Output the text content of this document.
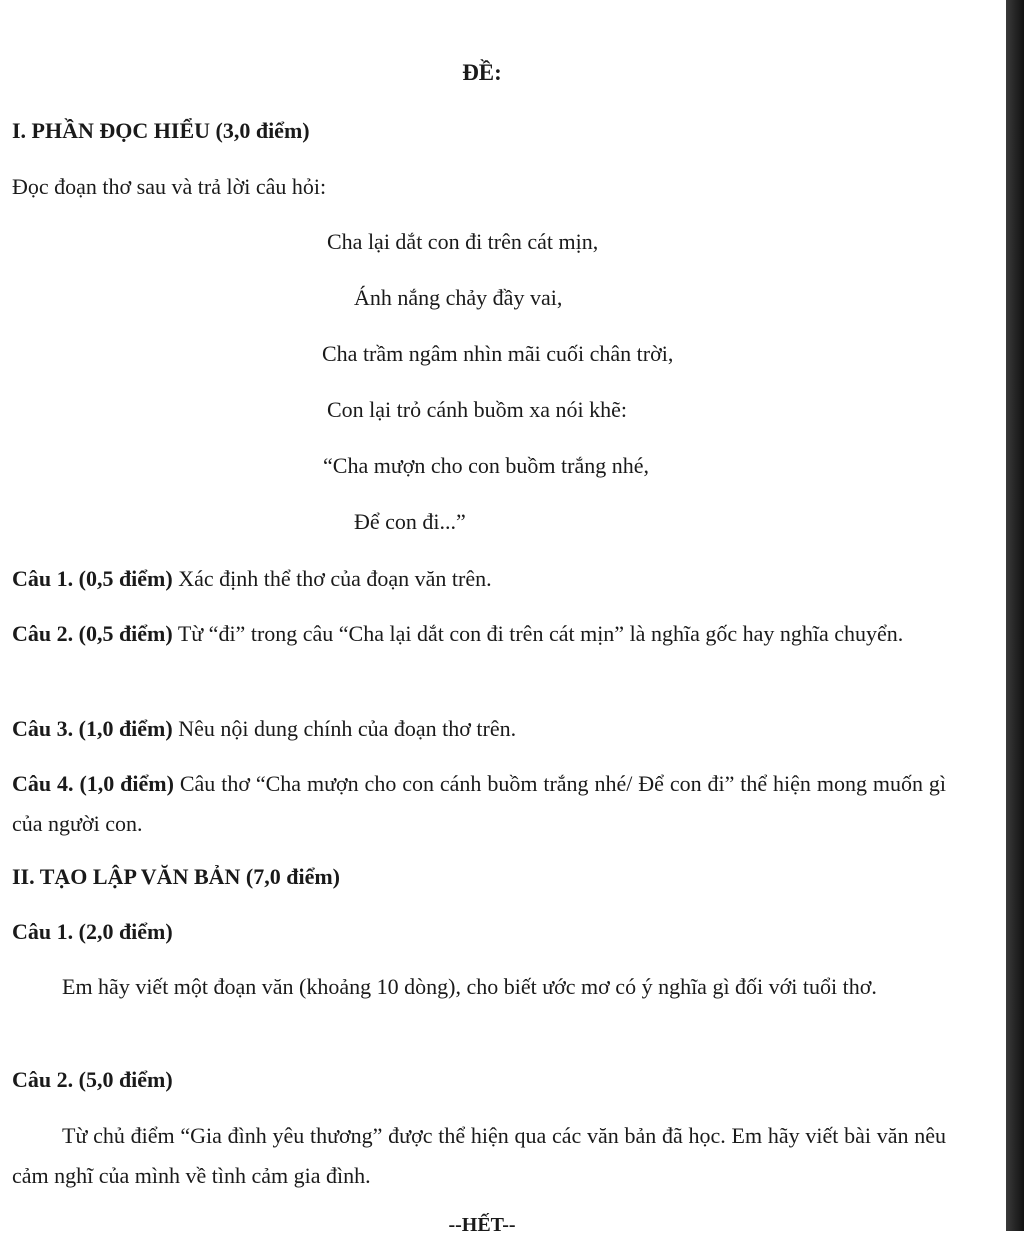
ĐỀ:

I. PHẦN ĐỌC HIỂU (3,0 điểm)

Đọc đoạn thơ sau và trả lời câu hỏi:

Cha lại dắt con đi trên cát mịn,

Ánh nắng chảy đầy vai,

Cha trầm ngâm nhìn mãi cuối chân trời,

Con lại trỏ cánh buồm xa nói khẽ:

“Cha mượn cho con buồm trắng nhé,

Để con đi...”

Câu 1. (0,5 điểm) Xác định thể thơ của đoạn văn trên.

Câu 2. (0,5 điểm) Từ “đi” trong câu “Cha lại dắt con đi trên cát mịn” là nghĩa gốc hay nghĩa chuyển.

Câu 3. (1,0 điểm) Nêu nội dung chính của đoạn thơ trên.

Câu 4. (1,0 điểm) Câu thơ “Cha mượn cho con cánh buồm trắng nhé/ Để con đi” thể hiện mong muốn gì của người con.

II. TẠO LẬP VĂN BẢN (7,0 điểm)

Câu 1. (2,0 điểm)

Em hãy viết một đoạn văn (khoảng 10 dòng), cho biết ước mơ có ý nghĩa gì đối với tuổi thơ.

Câu 2. (5,0 điểm)

Từ chủ điểm “Gia đình yêu thương” được thể hiện qua các văn bản đã học. Em hãy viết bài văn nêu cảm nghĩ của mình về tình cảm gia đình.

--HẾT--
